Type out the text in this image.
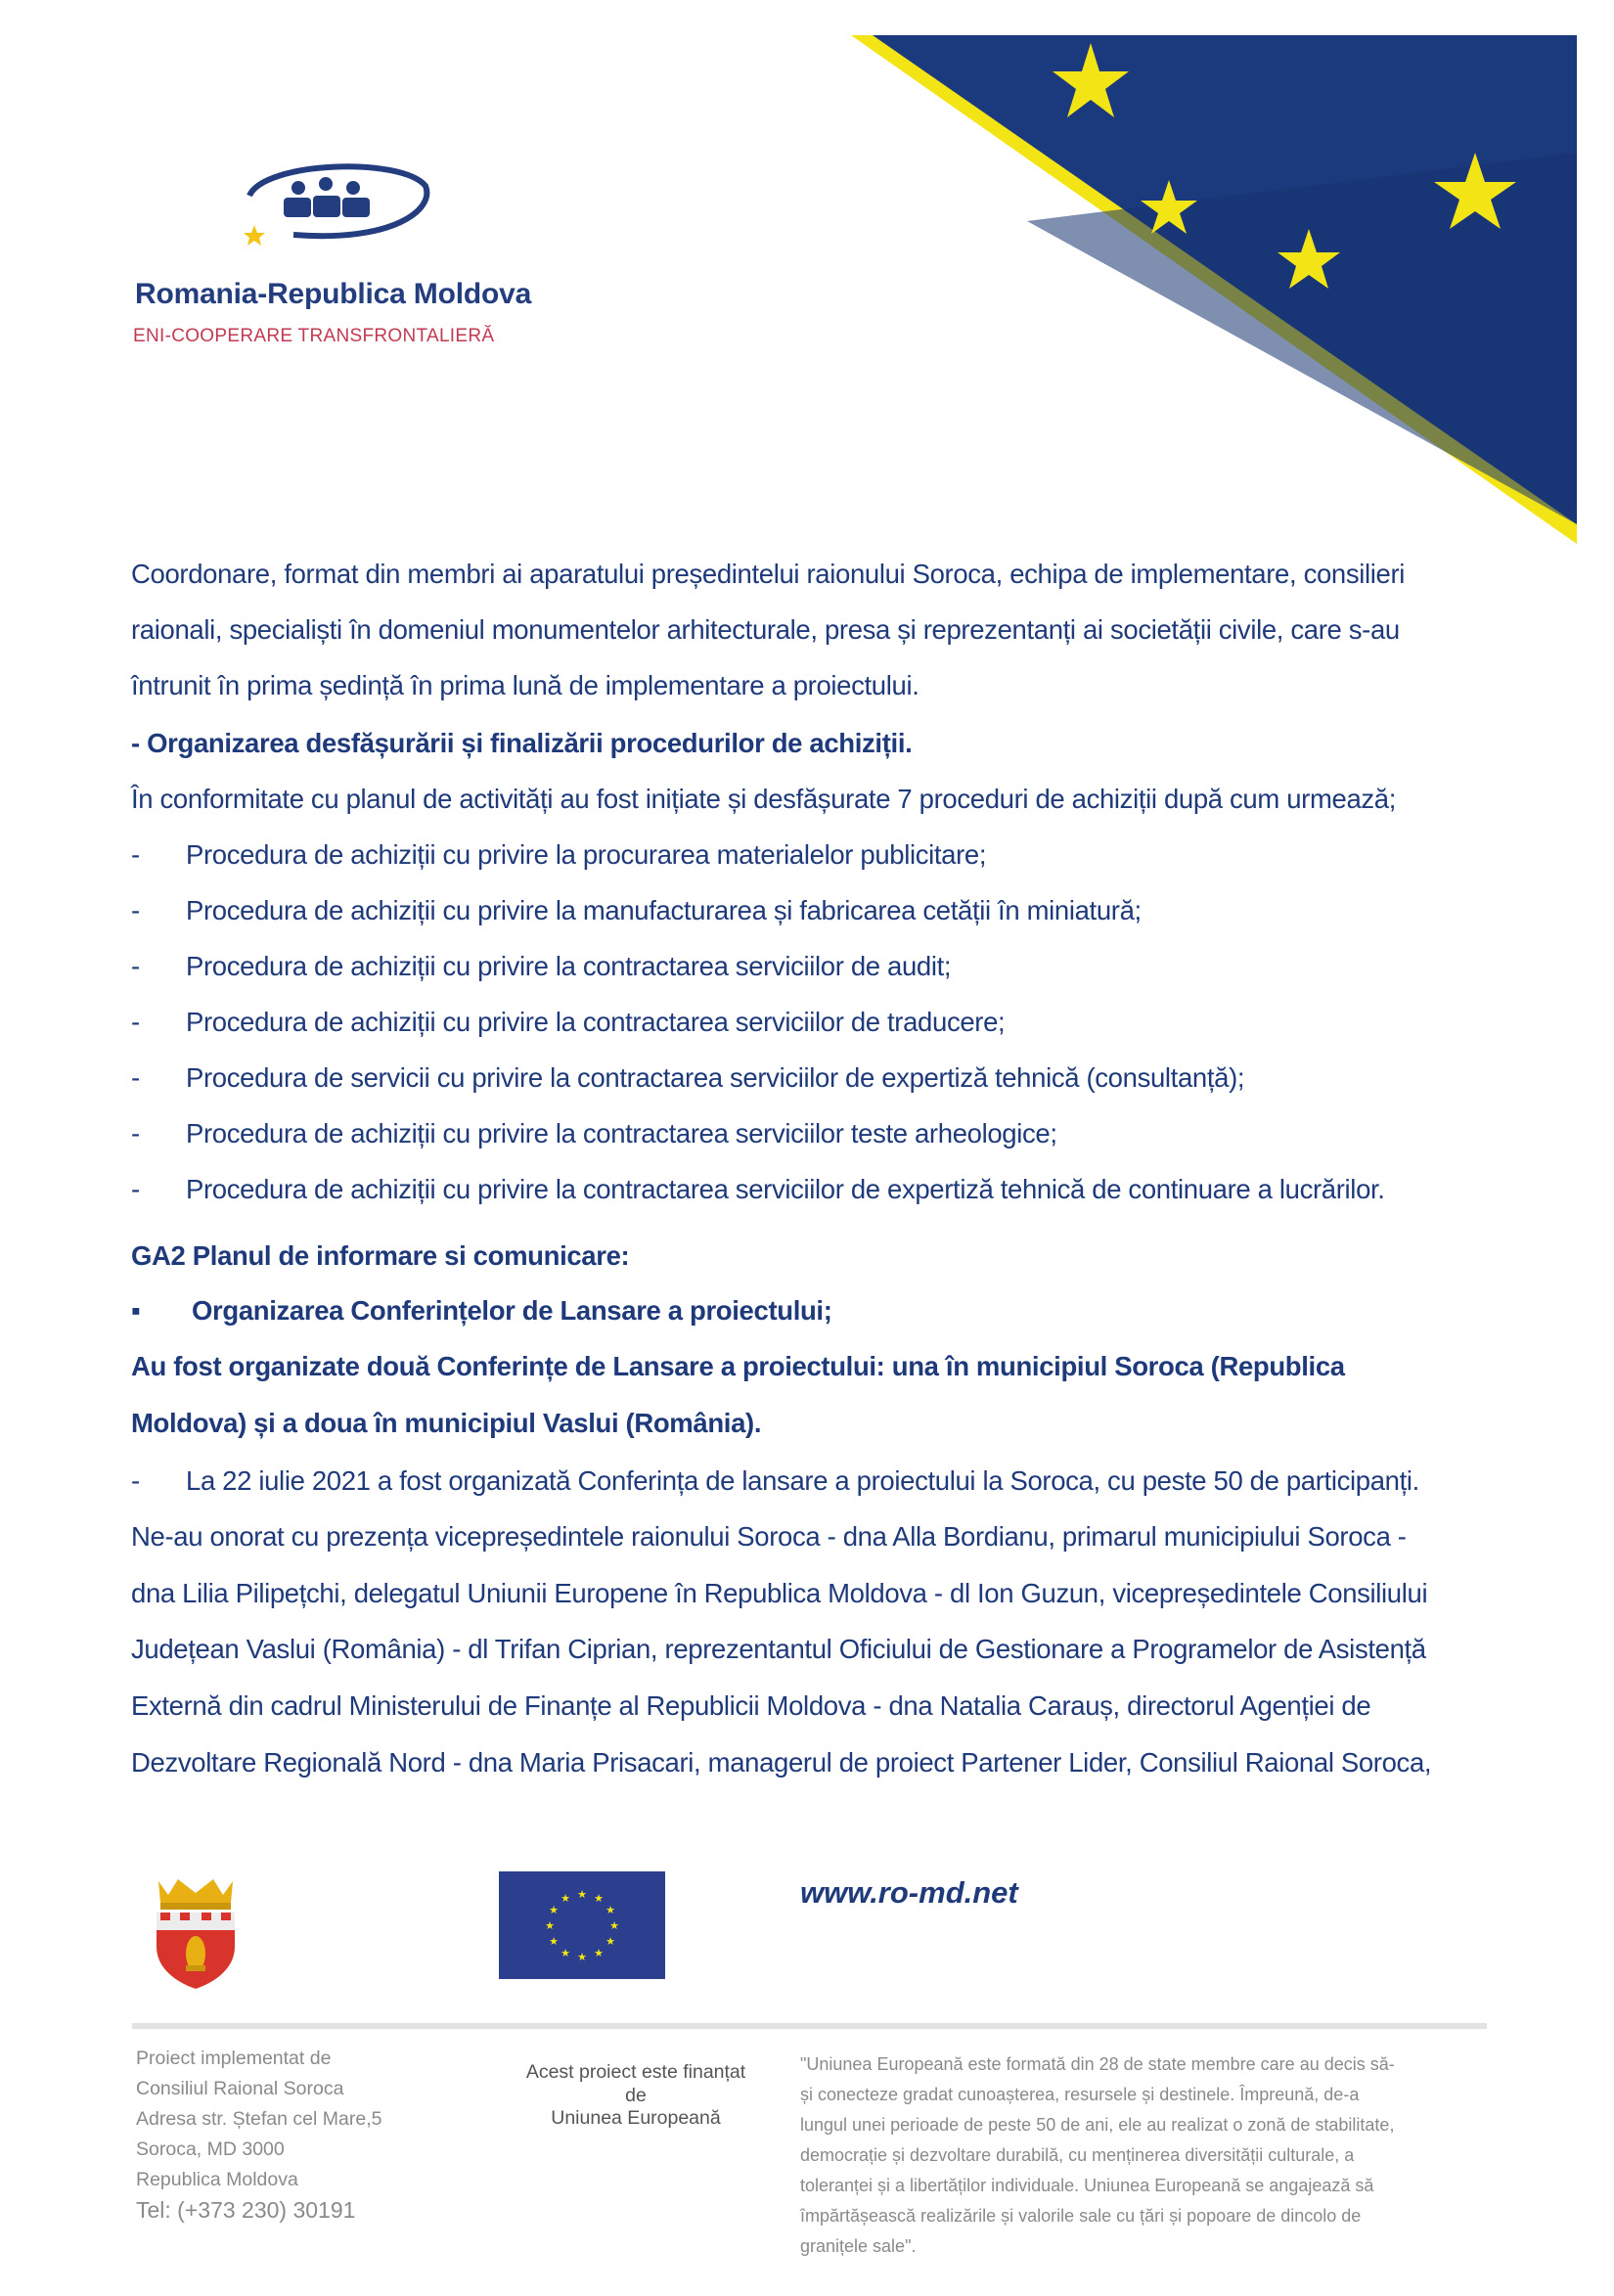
Romania-Republica Moldova
ENI-COOPERARE TRANSFRONTALIERĂ
Coordonare, format din membri ai aparatului președintelui raionului Soroca, echipa de implementare, consilieri
raionali, specialiști în domeniul monumentelor arhitecturale, presa și reprezentanți ai societății civile, care s-au
întrunit în prima ședință în prima lună de implementare a proiectului.
- Organizarea desfășurării și finalizării procedurilor de achiziții.
În conformitate cu planul de activități au fost inițiate și desfășurate 7 proceduri de achiziții după cum urmează;
- Procedura de achiziții cu privire la procurarea materialelor publicitare;
- Procedura de achiziții cu privire la manufacturarea și fabricarea cetății în miniatură;
- Procedura de achiziții cu privire la contractarea serviciilor de audit;
- Procedura de achiziții cu privire la contractarea serviciilor de traducere;
- Procedura de servicii cu privire la contractarea serviciilor de expertiză tehnică (consultanță);
- Procedura de achiziții cu privire la contractarea serviciilor teste arheologice;
- Procedura de achiziții cu privire la contractarea serviciilor de expertiză tehnică de continuare a lucrărilor.
GA2 Planul de informare si comunicare:
▪ Organizarea Conferințelor de Lansare a proiectului;
Au fost organizate două Conferințe de Lansare a proiectului: una în municipiul Soroca (Republica
Moldova) și a doua în municipiul Vaslui (România).
- La 22 iulie 2021 a fost organizată Conferința de lansare a proiectului la Soroca, cu peste 50 de participanți.
Ne-au onorat cu prezența vicepreședintele raionului Soroca - dna Alla Bordianu, primarul municipiului Soroca -
dna Lilia Pilipețchi, delegatul Uniunii Europene în Republica Moldova - dl Ion Guzun, vicepreședintele Consiliului
Județean Vaslui (România) - dl Trifan Ciprian, reprezentantul Oficiului de Gestionare a Programelor de Asistență
Externă din cadrul Ministerului de Finanțe al Republicii Moldova - dna Natalia Carauș, directorul Agenției de
Dezvoltare Regională Nord - dna Maria Prisacari, managerul de proiect Partener Lider, Consiliul Raional Soroca,
★ ★
★
★
★
★
★
★
★
★
★
★	www.ro-md.net
Proiect implementat de
Consiliul Raional Soroca
Adresa str. Ștefan cel Mare,5
Soroca, MD 3000
Republica Moldova
Tel: (+373 230) 30191
Acest proiect este finanțat
de
Uniunea Europeană
"Uniunea Europeană este formată din 28 de state membre care au decis să-
și conecteze gradat cunoașterea, resursele și destinele. Împreună, de-a
lungul unei perioade de peste 50 de ani, ele au realizat o zonă de stabilitate,
democrație și dezvoltare durabilă, cu menținerea diversității culturale, a
toleranței și a libertăților individuale. Uniunea Europeană se angajează să
împărtășească realizările și valorile sale cu țări și popoare de dincolo de
granițele sale".
